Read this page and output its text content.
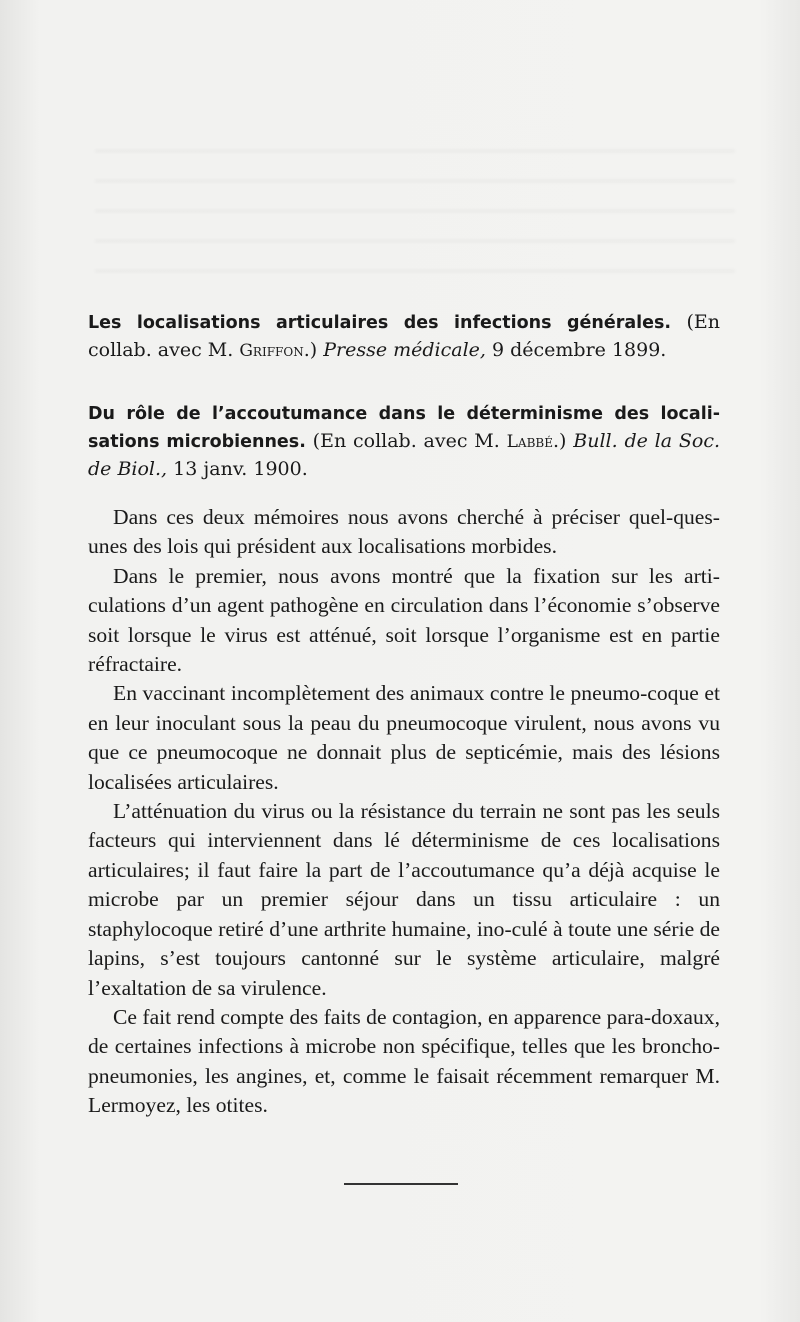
Les localisations articulaires des infections générales. (En collab. avec M. Griffon.) Presse médicale, 9 décembre 1899.
Du rôle de l’accoutumance dans le déterminisme des locali-sations microbiennes. (En collab. avec M. Labbé.) Bull. de la Soc. de Biol., 13 janv. 1900.

Dans ces deux mémoires nous avons cherché à préciser quel-ques-unes des lois qui président aux localisations morbides.

Dans le premier, nous avons montré que la fixation sur les arti-culations d’un agent pathogène en circulation dans l’économie s’observe soit lorsque le virus est atténué, soit lorsque l’organisme est en partie réfractaire.

En vaccinant incomplètement des animaux contre le pneumo-coque et en leur inoculant sous la peau du pneumocoque virulent, nous avons vu que ce pneumocoque ne donnait plus de septicémie, mais des lésions localisées articulaires.

L’atténuation du virus ou la résistance du terrain ne sont pas les seuls facteurs qui interviennent dans lé déterminisme de ces localisations articulaires; il faut faire la part de l’accoutumance qu’a déjà acquise le microbe par un premier séjour dans un tissu articulaire : un staphylocoque retiré d’une arthrite humaine, ino-culé à toute une série de lapins, s’est toujours cantonné sur le système articulaire, malgré l’exaltation de sa virulence.

Ce fait rend compte des faits de contagion, en apparence para-doxaux, de certaines infections à microbe non spécifique, telles que les broncho-pneumonies, les angines, et, comme le faisait récemment remarquer M. Lermoyez, les otites.
